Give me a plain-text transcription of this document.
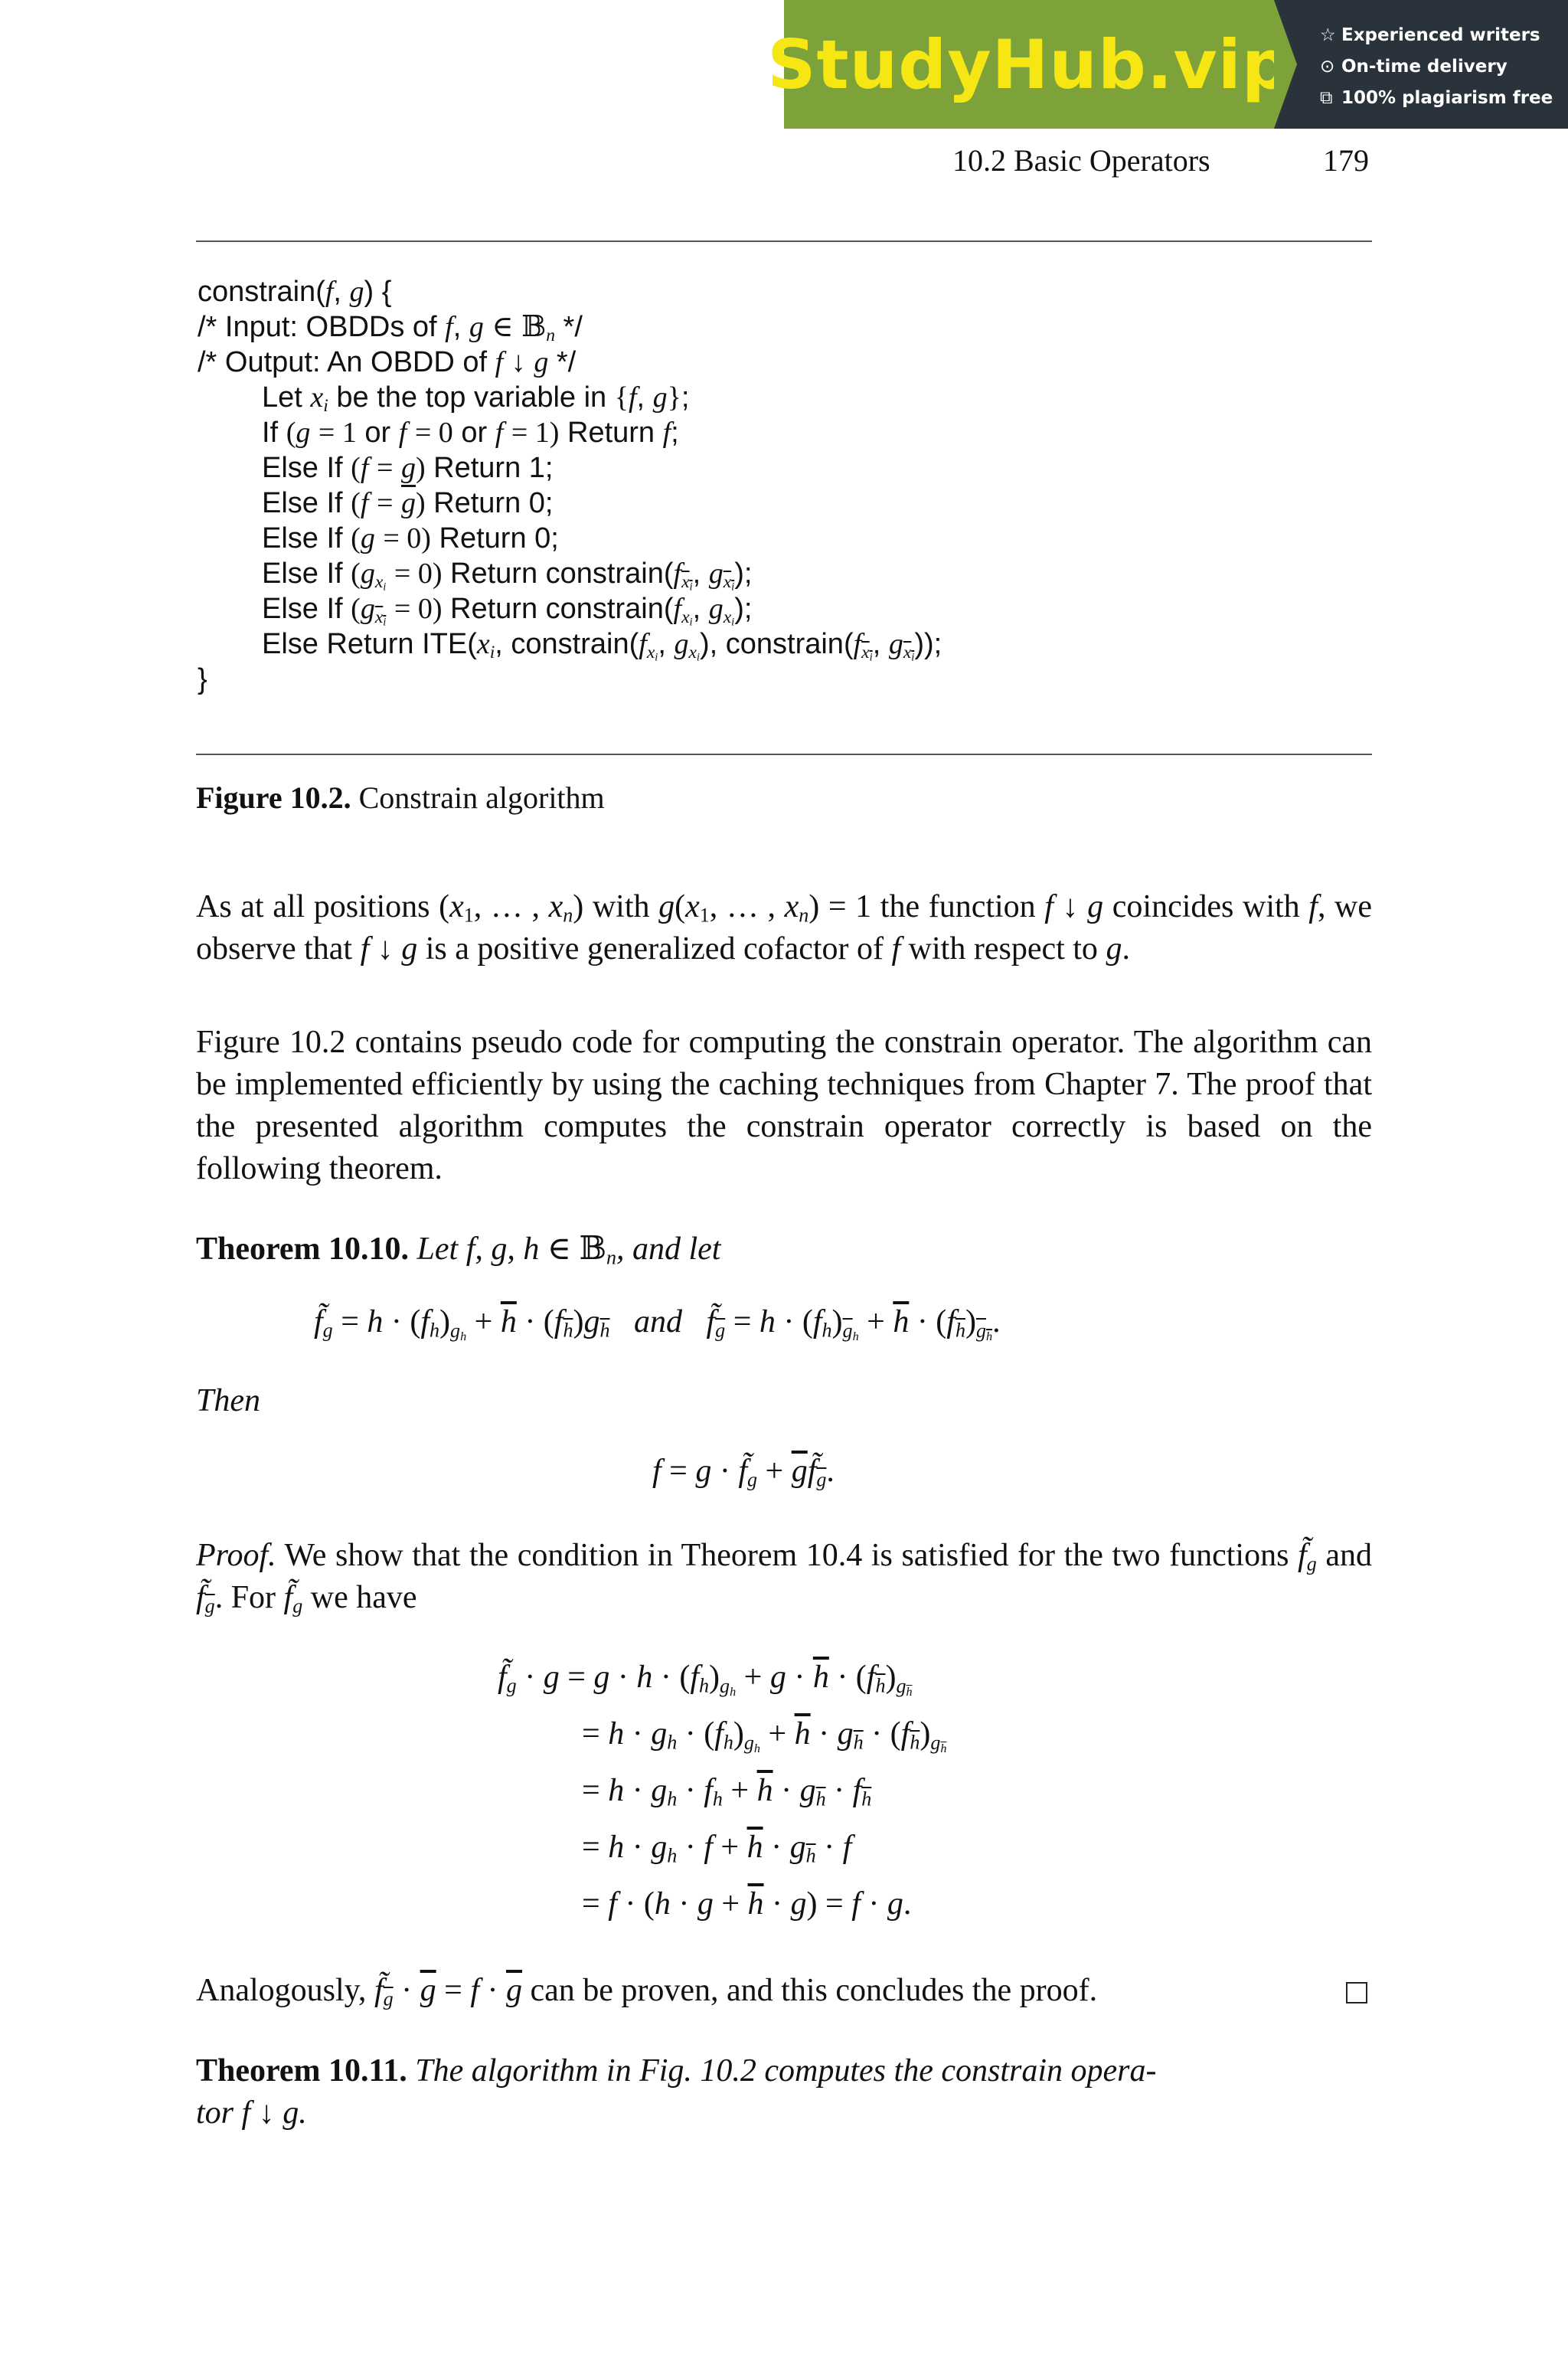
StudyHub.vip ☆ Experienced writers
⊙ On-time delivery
⧉ 100% plagiarism free
10.2 Basic Operators	179
constrain(f, g) {
/* Input: OBDDs of f, g ∈ 𝔹$_n$ */
/* Output: An OBDD of f ↓ g */
Let $x_i$ be the top variable in {f, g};
If (g = 1 or f = 0 or f = 1) Return f;
Else If (f = g) Return 1;
Else If $(f = \overline{g})$ Return 0;
Else If (g = 0) Return 0;
Else If $(g_{x_i} = 0)$ Return $constrain(f_{x_i}$, $g_{x_i}$);
Else If $(g_{x_i} = 0)$ Return $constrain(f_{x_i}$, $g_{x_i}$);
Else Return $ITE(x_i$, $constrain(f_{x_i}$, $g_{x_i}$), $constrain(f_{x_i}$, $g_{x_i}$));
}
Figure 10.2. Constrain algorithm

As at all positions ($x_1$, … , $x_n$) with $g(x_1$, … , $x_n) = 1$ the function f ↓ g coincides with f, we observe that f ↓ g is a positive generalized cofactor of f with respect to g.

Figure 10.2 contains pseudo code for computing the constrain operator. The algorithm can be implemented efficiently by using the caching techniques from Chapter 7. The proof that the presented algorithm computes the constrain operator correctly is based on the following theorem.
Theorem 10.10. Let f, g, h ∈ 𝔹$_n$, and let
$f̃_g = h \cdot (f_h)_{g_h} + \overline{h} \cdot (f_{\overline{h}})g_{\overline{h}}$ and $f̃_{\overline{g}} = h \cdot (f_h)_{\overline{g}_h} + \overline{h} \cdot (f_{\overline{h}})_{g_h}$.
Then
$f = g \cdot f̃_g$ + $\overline{g}f̃_{\overline{g}}$.

Proof. We show that the condition in Theorem 10.4 is satisfied for the two functions $f̃_g$ and $f̃_{\overline{g}}$. For $f̃_g$ we have

$f̃_g \cdot g = g \cdot h \cdot (f_h)_{g_h} + g \cdot \overline{h} \cdot (f_{\overline{h}})_{g_{\overline{h}}}$
= $h \cdot g_h \cdot (f_h)_{g_h} + \overline{h} \cdot g_{\overline{h}} \cdot (f_{\overline{h}})_{g_{\overline{h}}}$
= $h \cdot g_h \cdot f_h + \overline{h} \cdot g_{\overline{h}} \cdot f_{\overline{h}}$
= $h \cdot g_h \cdot f + \overline{h} \cdot g_{\overline{h}} \cdot f$
= $f \cdot (h \cdot g + \overline{h} \cdot g) = f \cdot g$.
Analogously, $f̃_{\overline{g}} \cdot \overline{g} = f \cdot \overline{g}$ can be proven, and this concludes the proof.
Theorem 10.11. The algorithm in Fig. 10.2 computes the constrain opera-
tor f ↓ g.
